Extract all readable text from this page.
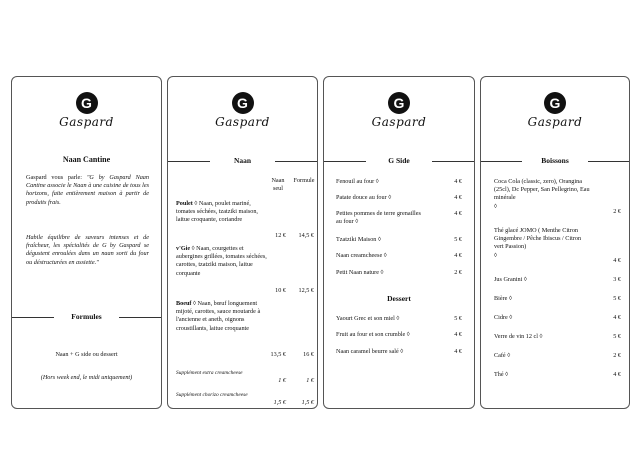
G
Gaspard
Naan Cantine
Gaspard vous parle: "G by Gaspard Naan Cantine associe le Naan à une cuisine de tous les horizons, faite entièrement maison à partir de produits frais.
Habile équilibre de saveurs intenses et de fraîcheur, les spécialités de G by Gaspard se dégustent enroulées dans un naan sorti du four ou déstructurées en assiette."
Formules
Naan + G side ou dessert
(Hors week end, le midi uniquement)
G
Gaspard
Naan
Naan seul
Formule
Poulet ◊ Naan, poulet mariné, tomates séchées, tzatziki maison, laitue croquante, coriandre
12 €	14,5 €
v'Gie ◊ Naan, courgettes et aubergines grillées, tomates séchées, carottes, tzatziki maison, laitue corquante
10 €	12,5 €
Boeuf ◊ Naan, bœuf longuement mijoté, carottes, sauce moutarde à l'ancienne et aneth, oignons croustillants, laitue croquante
13,5 €	16 €
Supplément extra creamcheese
1 €	1 €
Supplément chorizo creamcheese
1,5 €	1,5 €
G
Gaspard
G Side
Fenouil au four ◊	4 €
Patate douce au four ◊	4 €
Petites pommes de terre grenailles au four ◊
4 €
Tzatziki Maison ◊	5 €
Naan creamcheese ◊	4 €
Petit Naan nature ◊	2 €
Dessert
Yaourt Grec et son miel ◊	5 €
Fruit au four et son crumble ◊	4 €
Naan caramel beurre salé ◊	4 €
G
Gaspard
Boissons
Coca Cola (classic, zero), Orangina (25cl), Dc Pepper, San Pellegrino, Eau minérale
◊
2 €
Thé glacé JOMO ( Menthe Citron Gingembre / Pêche Ibiscus / Citron vert Passion)
◊
4 €
Jus Granini ◊	3 €
Bière ◊	5 €
Cidre ◊	4 €
Verre de vin 12 cl ◊	5 €
Café ◊	2 €
Thé ◊	4 €
